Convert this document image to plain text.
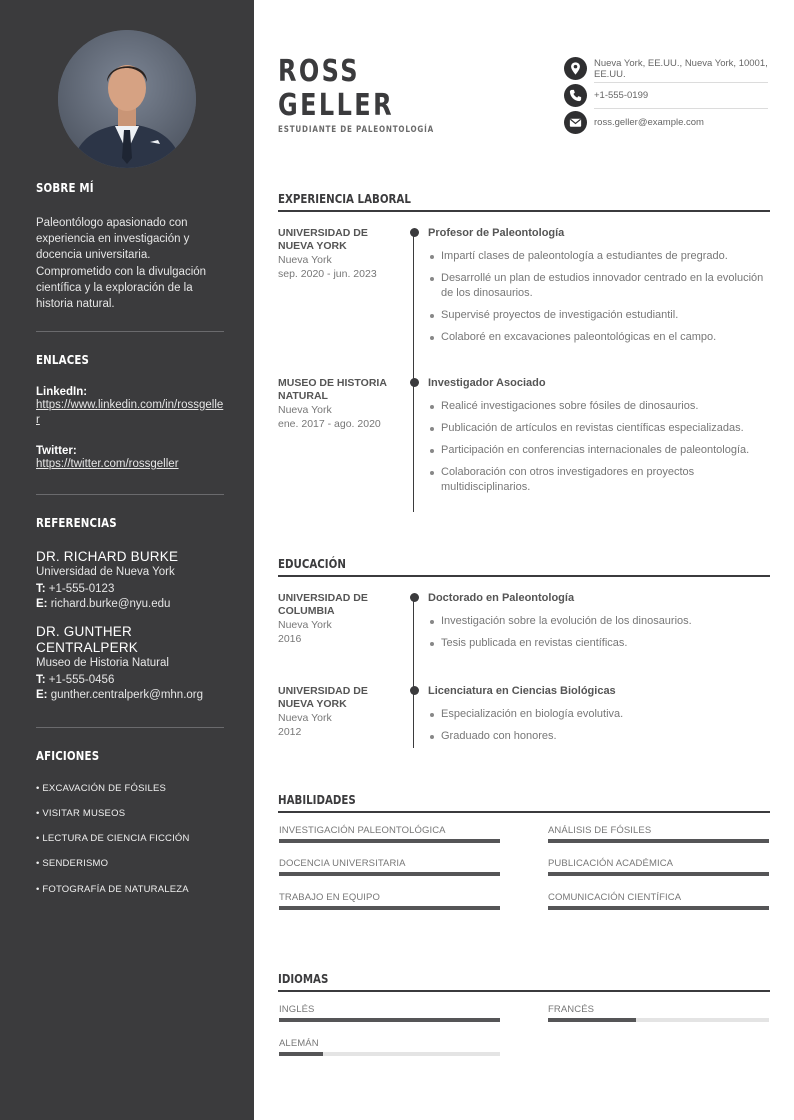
SOBRE MÍ
Paleontólogo apasionado con experiencia en investigación y docencia universitaria. Comprometido con la divulgación científica y la exploración de la historia natural.
ENLACES
LinkedIn:
https://www.linkedin.com/in/rossgeller
Twitter:
https://twitter.com/rossgeller
REFERENCIAS
DR. RICHARD BURKE
Universidad de Nueva York
T: +1-555-0123
E: richard.burke@nyu.edu
DR. GUNTHER CENTRALPERK
Museo de Historia Natural
T: +1-555-0456
E: gunther.centralperk@mhn.org
AFICIONES
• EXCAVACIÓN DE FÓSILES
• VISITAR MUSEOS
• LECTURA DE CIENCIA FICCIÓN
• SENDERISMO
• FOTOGRAFÍA DE NATURALEZA
ROSS
GELLER
ESTUDIANTE DE PALEONTOLOGÍA
Nueva York, EE.UU., Nueva York, 10001, EE.UU.
+1-555-0199
ross.geller@example.com
EXPERIENCIA LABORAL
UNIVERSIDAD DE NUEVA YORK
Nueva York
sep. 2020 - jun. 2023
Profesor de Paleontología
Impartí clases de paleontología a estudiantes de pregrado.
Desarrollé un plan de estudios innovador centrado en la evolución de los dinosaurios.
Supervisé proyectos de investigación estudiantil.
Colaboré en excavaciones paleontológicas en el campo.
MUSEO DE HISTORIA NATURAL
Nueva York
ene. 2017 - ago. 2020
Investigador Asociado
Realicé investigaciones sobre fósiles de dinosaurios.
Publicación de artículos en revistas científicas especializadas.
Participación en conferencias internacionales de paleontología.
Colaboración con otros investigadores en proyectos multidisciplinarios.
EDUCACIÓN
UNIVERSIDAD DE COLUMBIA
Nueva York
2016
Doctorado en Paleontología
Investigación sobre la evolución de los dinosaurios.
Tesis publicada en revistas científicas.
UNIVERSIDAD DE NUEVA YORK
Nueva York
2012
Licenciatura en Ciencias Biológicas
Especialización en biología evolutiva.
Graduado con honores.
HABILIDADES
INVESTIGACIÓN PALEONTOLÓGICA	ANÁLISIS DE FÓSILES
DOCENCIA UNIVERSITARIA	PUBLICACIÓN ACADÉMICA
TRABAJO EN EQUIPO	COMUNICACIÓN CIENTÍFICA
IDIOMAS
INGLÉS	FRANCÉS
ALEMÁN
